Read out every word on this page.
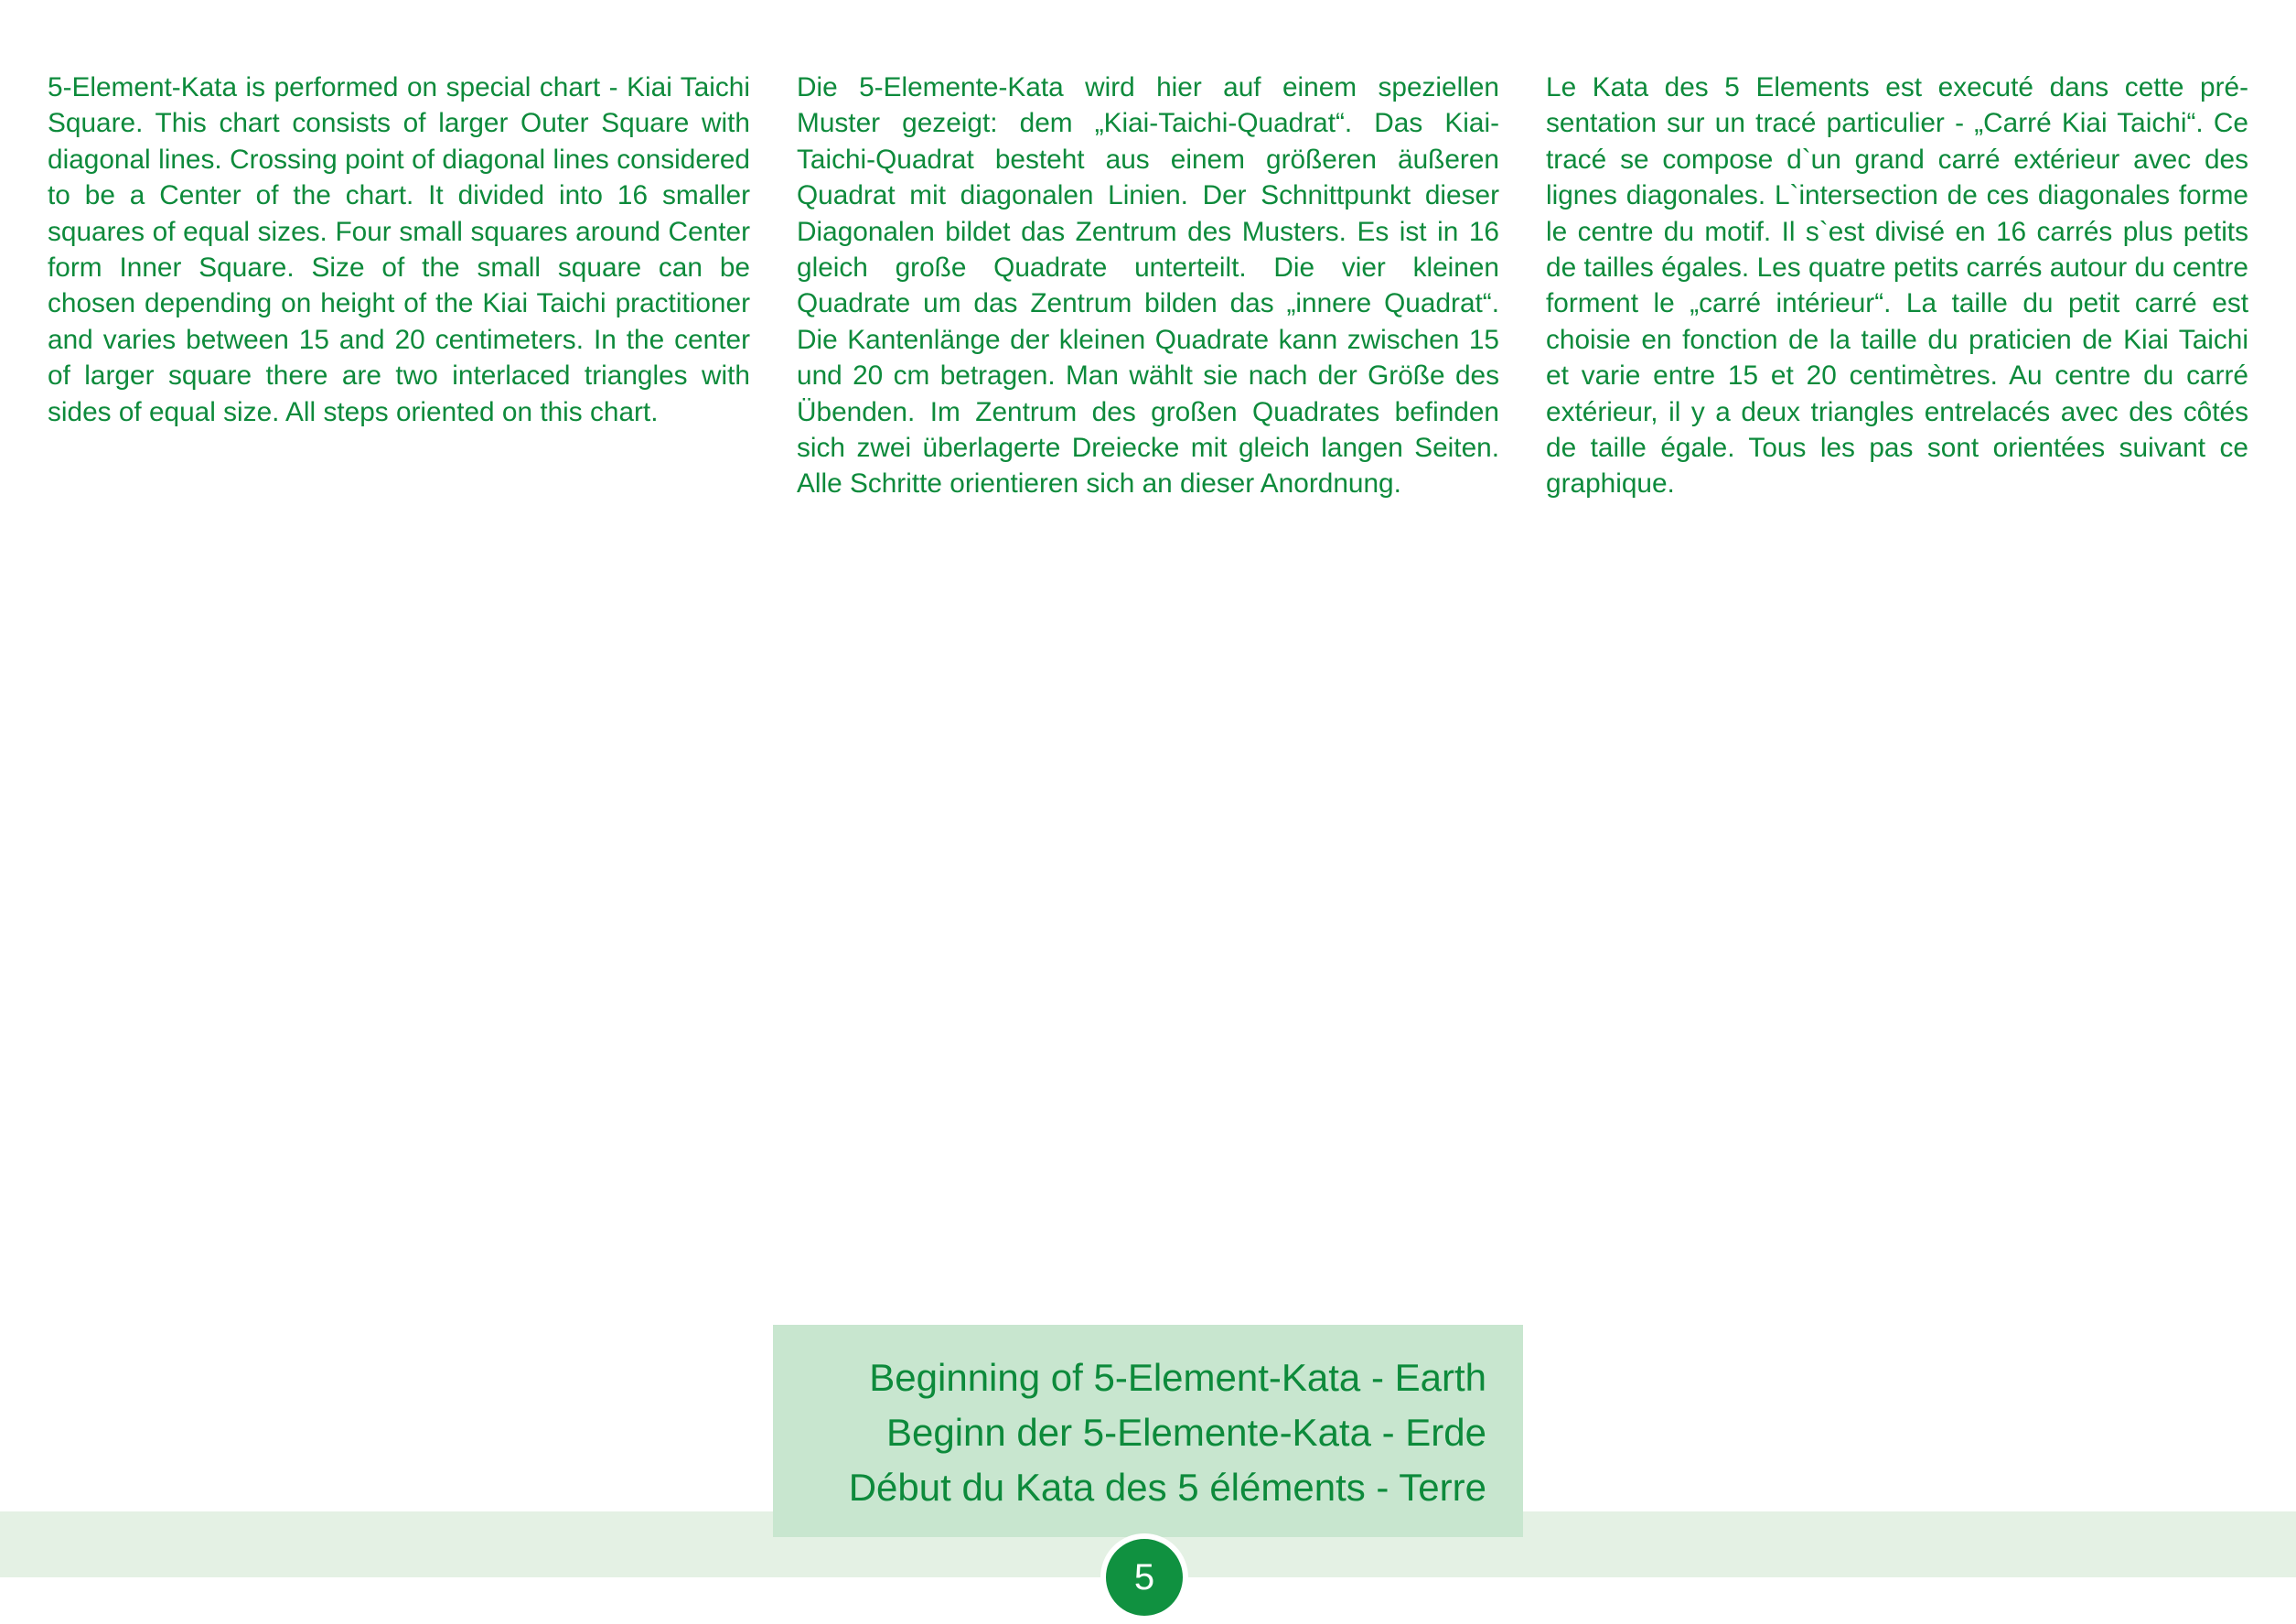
5-Element-Kata is performed on special chart - Kiai Taichi Square. This chart consists of larger Outer Square with diagonal lines. Crossing point of diagonal lines considered to be a Center of the chart. It divided into 16 smaller squares of equal sizes. Four small squares around Center form Inner Square. Size of the small square can be chosen depending on height of the Kiai Taichi practitioner and varies between 15 and 20 centimeters. In the center of larger square there are two interlaced triangles with sides of equal size. All steps oriented on this chart.

Die 5-Elemente-Kata wird hier auf einem speziellen Muster gezeigt: dem „Kiai-Taichi-Quadrat“. Das Kiai-Taichi-Quadrat besteht aus einem größeren äußeren Quadrat mit diagonalen Linien. Der Schnittpunkt dieser Diagonalen bildet das Zentrum des Musters. Es ist in 16 gleich große Quadrate unterteilt. Die vier kleinen Quadrate um das Zentrum bilden das „innere Quadrat“. Die Kantenlänge der kleinen Quadrate kann zwischen 15 und 20 cm betragen. Man wählt sie nach der Größe des Übenden. Im Zentrum des großen Quadrates befinden sich zwei überlagerte Dreiecke mit gleich langen Seiten. Alle Schritte orientieren sich an dieser Anordnung.

Le Kata des 5 Elements est executé dans cette présentation sur un tracé particulier - „Carré Kiai Taichi“. Ce tracé se compose d`un grand carré extérieur avec des lignes diagonales. L`intersection de ces diagonales forme le centre du motif. Il s`est divisé en 16 carrés plus petits de tailles égales. Les quatre petits carrés autour du centre forment le „carré intérieur“. La taille du petit carré est choisie en fonction de la taille du praticien de Kiai Taichi et varie entre 15 et 20 centimètres. Au centre du carré extérieur, il y a deux triangles entrelacés avec des côtés de taille égale. Tous les pas sont orientées suivant ce graphique.

Beginning of 5-Element-Kata - Earth
Beginn der 5-Elemente-Kata - Erde
Début du Kata des 5 éléments - Terre
5
